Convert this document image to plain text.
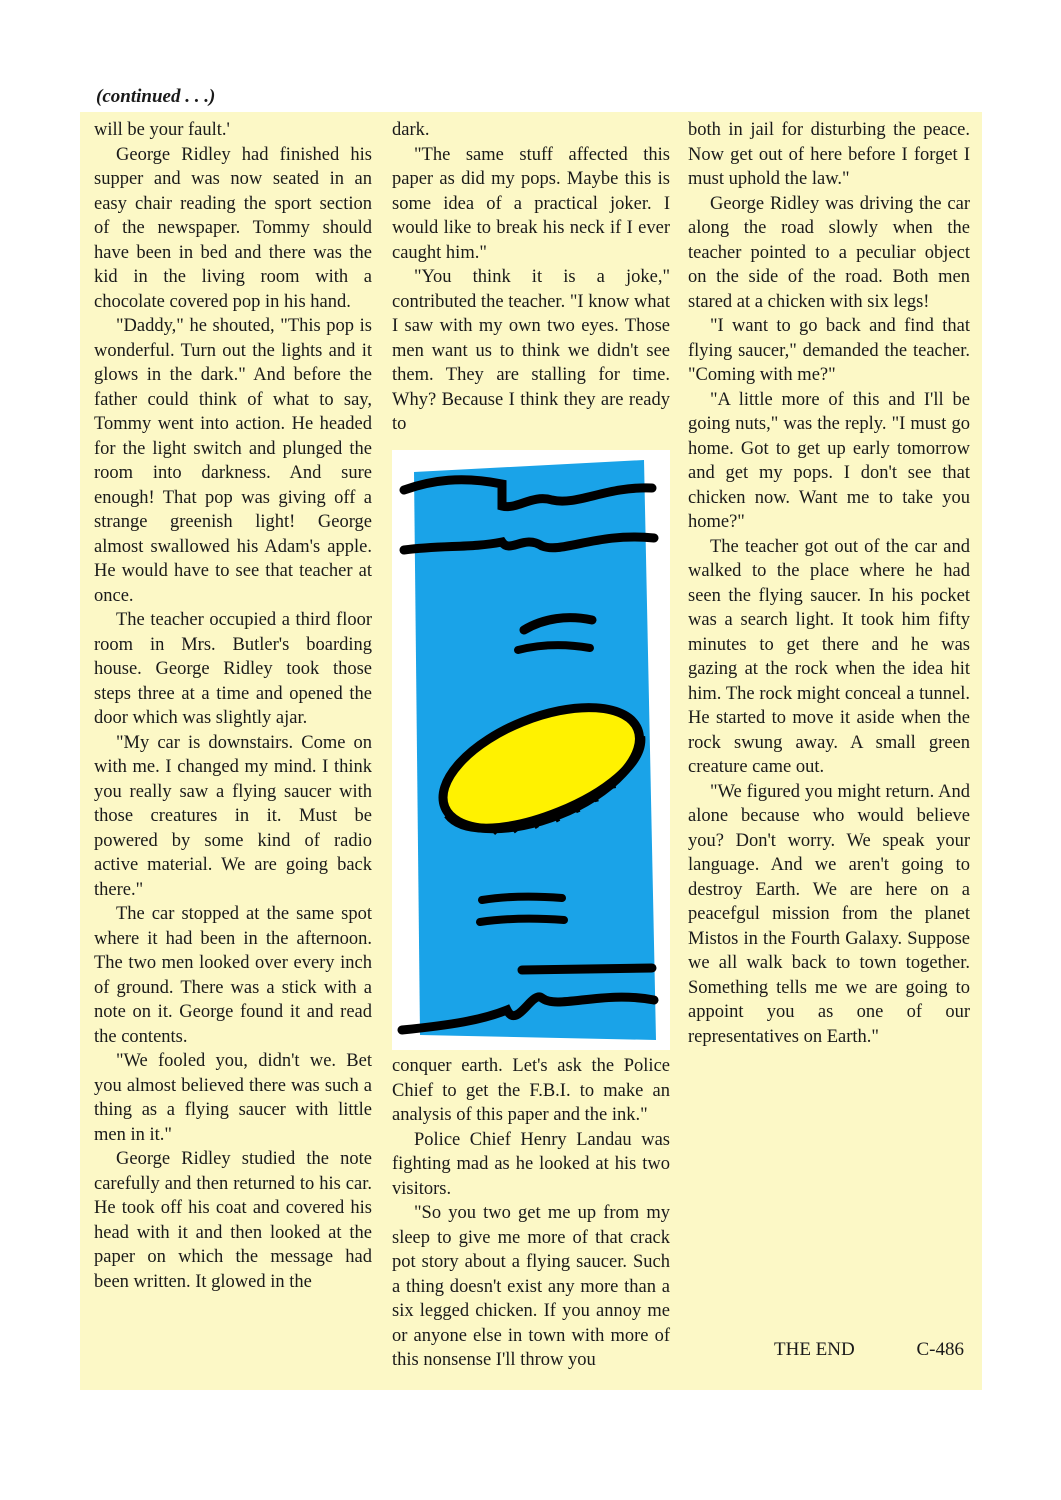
(continued . . .)

will be your fault.'

George Ridley had finished his supper and was now seated in an easy chair reading the sport section of the newspaper. Tommy should have been in bed and there was the kid in the living room with a chocolate covered pop in his hand.

"Daddy," he shouted, "This pop is wonderful. Turn out the lights and it glows in the dark." And before the father could think of what to say, Tommy went into action. He headed for the light switch and plunged the room into darkness. And sure enough! That pop was giving off a strange greenish light! George almost swallowed his Adam's apple. He would have to see that teacher at once.

The teacher occupied a third floor room in Mrs. Butler's boarding house. George Ridley took those steps three at a time and opened the door which was slightly ajar.

"My car is downstairs. Come on with me. I changed my mind. I think you really saw a flying saucer with those creatures in it. Must be powered by some kind of radio active material. We are going back there."

The car stopped at the same spot where it had been in the afternoon. The two men looked over every inch of ground. There was a stick with a note on it. George found it and read the contents.

"We fooled you, didn't we. Bet you almost believed there was such a thing as a flying saucer with little men in it."

George Ridley studied the note carefully and then returned to his car. He took off his coat and covered his head with it and then looked at the paper on which the message had been written. It glowed in the

dark.

"The same stuff affected this paper as did my pops. Maybe this is some idea of a practical joker. I would like to break his neck if I ever caught him."

"You think it is a joke," contributed the teacher. "I know what I saw with my own two eyes. Those men want us to think we didn't see them. They are stalling for time. Why? Because I think they are ready to

conquer earth. Let's ask the Police Chief to get the F.B.I. to make an analysis of this paper and the ink."

Police Chief Henry Landau was fighting mad as he looked at his two visitors.

"So you two get me up from my sleep to give me more of that crack pot story about a flying saucer. Such a thing doesn't exist any more than a six legged chicken. If you annoy me or anyone else in town with more of this nonsense I'll throw you

both in jail for disturbing the peace. Now get out of here before I forget I must uphold the law."

George Ridley was driving the car along the road slowly when the teacher pointed to a peculiar object on the side of the road. Both men stared at a chicken with six legs!

"I want to go back and find that flying saucer," demanded the teacher. "Coming with me?"

"A little more of this and I'll be going nuts," was the reply. "I must go home. Got to get up early tomorrow and get my pops. I don't see that chicken now. Want me to take you home?"

The teacher got out of the car and walked to the place where he had seen the flying saucer. In his pocket was a search light. It took him fifty minutes to get there and he was gazing at the rock when the idea hit him. The rock might conceal a tunnel. He started to move it aside when the rock swung away. A small green creature came out.

"We figured you might return. And alone because who would believe you? Don't worry. We speak your language. And we aren't going to destroy Earth. We are here on a peacefgul mission from the planet Mistos in the Fourth Galaxy. Suppose we all walk back to town together. Something tells me we are going to appoint you as one of our representatives on Earth."

THE END	C-486
